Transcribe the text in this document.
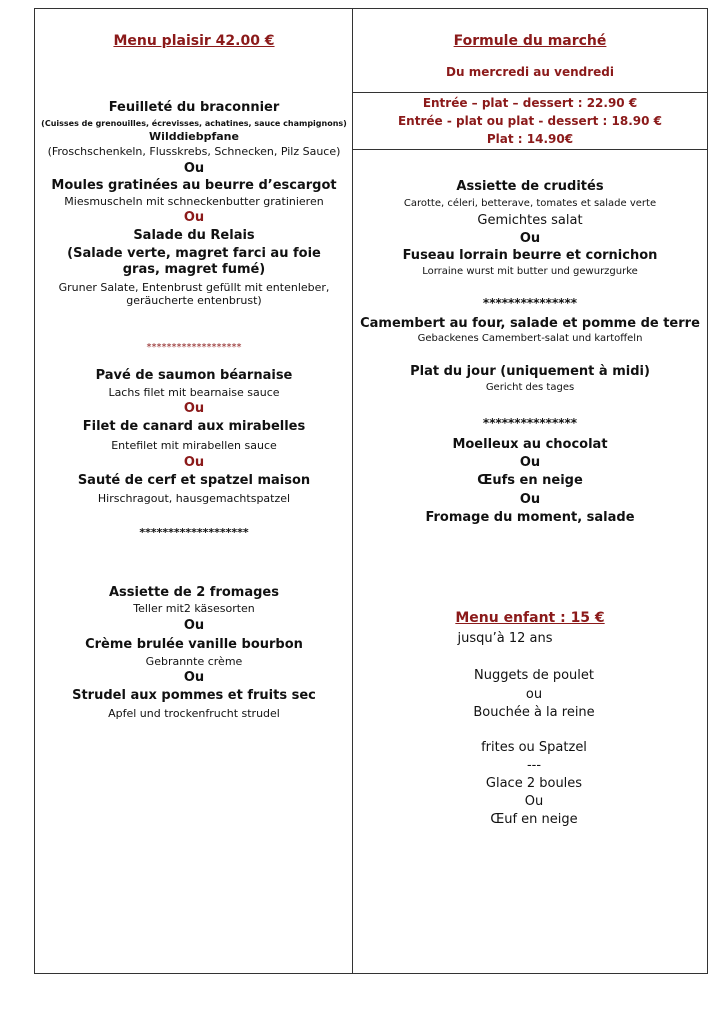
Menu plaisir 42.00 €
Feuilleté du braconnier
(Cuisses de grenouilles, écrevisses, achatines, sauce champignons)
Wilddiebpfane
(Froschschenkeln, Flusskrebs, Schnecken, Pilz Sauce)
Ou
Moules gratinées au beurre d’escargot
Miesmuscheln mit schneckenbutter gratinieren
Ou
Salade du Relais
(Salade verte, magret farci au foie gras, magret fumé)
Gruner Salate, Entenbrust gefüllt mit entenleber, geräucherte entenbrust)
*******************
Pavé de saumon béarnaise
Lachs filet mit bearnaise sauce
Ou
Filet de canard aux mirabelles
Entefilet mit mirabellen sauce
Ou
Sauté de cerf et spatzel maison
Hirschragout, hausgemachtspatzel
*******************
Assiette de 2 fromages
Teller mit2 käsesorten
Ou
Crème brulée vanille bourbon
Gebrannte crème
Ou
Strudel aux pommes et fruits sec
Apfel und trockenfrucht strudel
Formule du marché
Du mercredi au vendredi
Entrée – plat – dessert : 22.90 €
Entrée - plat ou plat - dessert : 18.90 €
Plat : 14.90€
Assiette de crudités
Carotte, céleri, betterave, tomates et salade verte
Gemichtes salat
Ou
Fuseau lorrain beurre et cornichon
Lorraine wurst mit butter und gewurzgurke
***************
Camembert au four, salade et pomme de terre
Gebackenes Camembert-salat und kartoffeln
Plat du jour (uniquement à midi)
Gericht des tages
***************
Moelleux au chocolat
Ou
Œufs en neige
Ou
Fromage du moment, salade
Menu enfant : 15 €
jusqu’à 12 ans
Nuggets de poulet
ou
Bouchée à la reine
frites ou Spatzel
---
Glace 2 boules
Ou
Œuf en neige
